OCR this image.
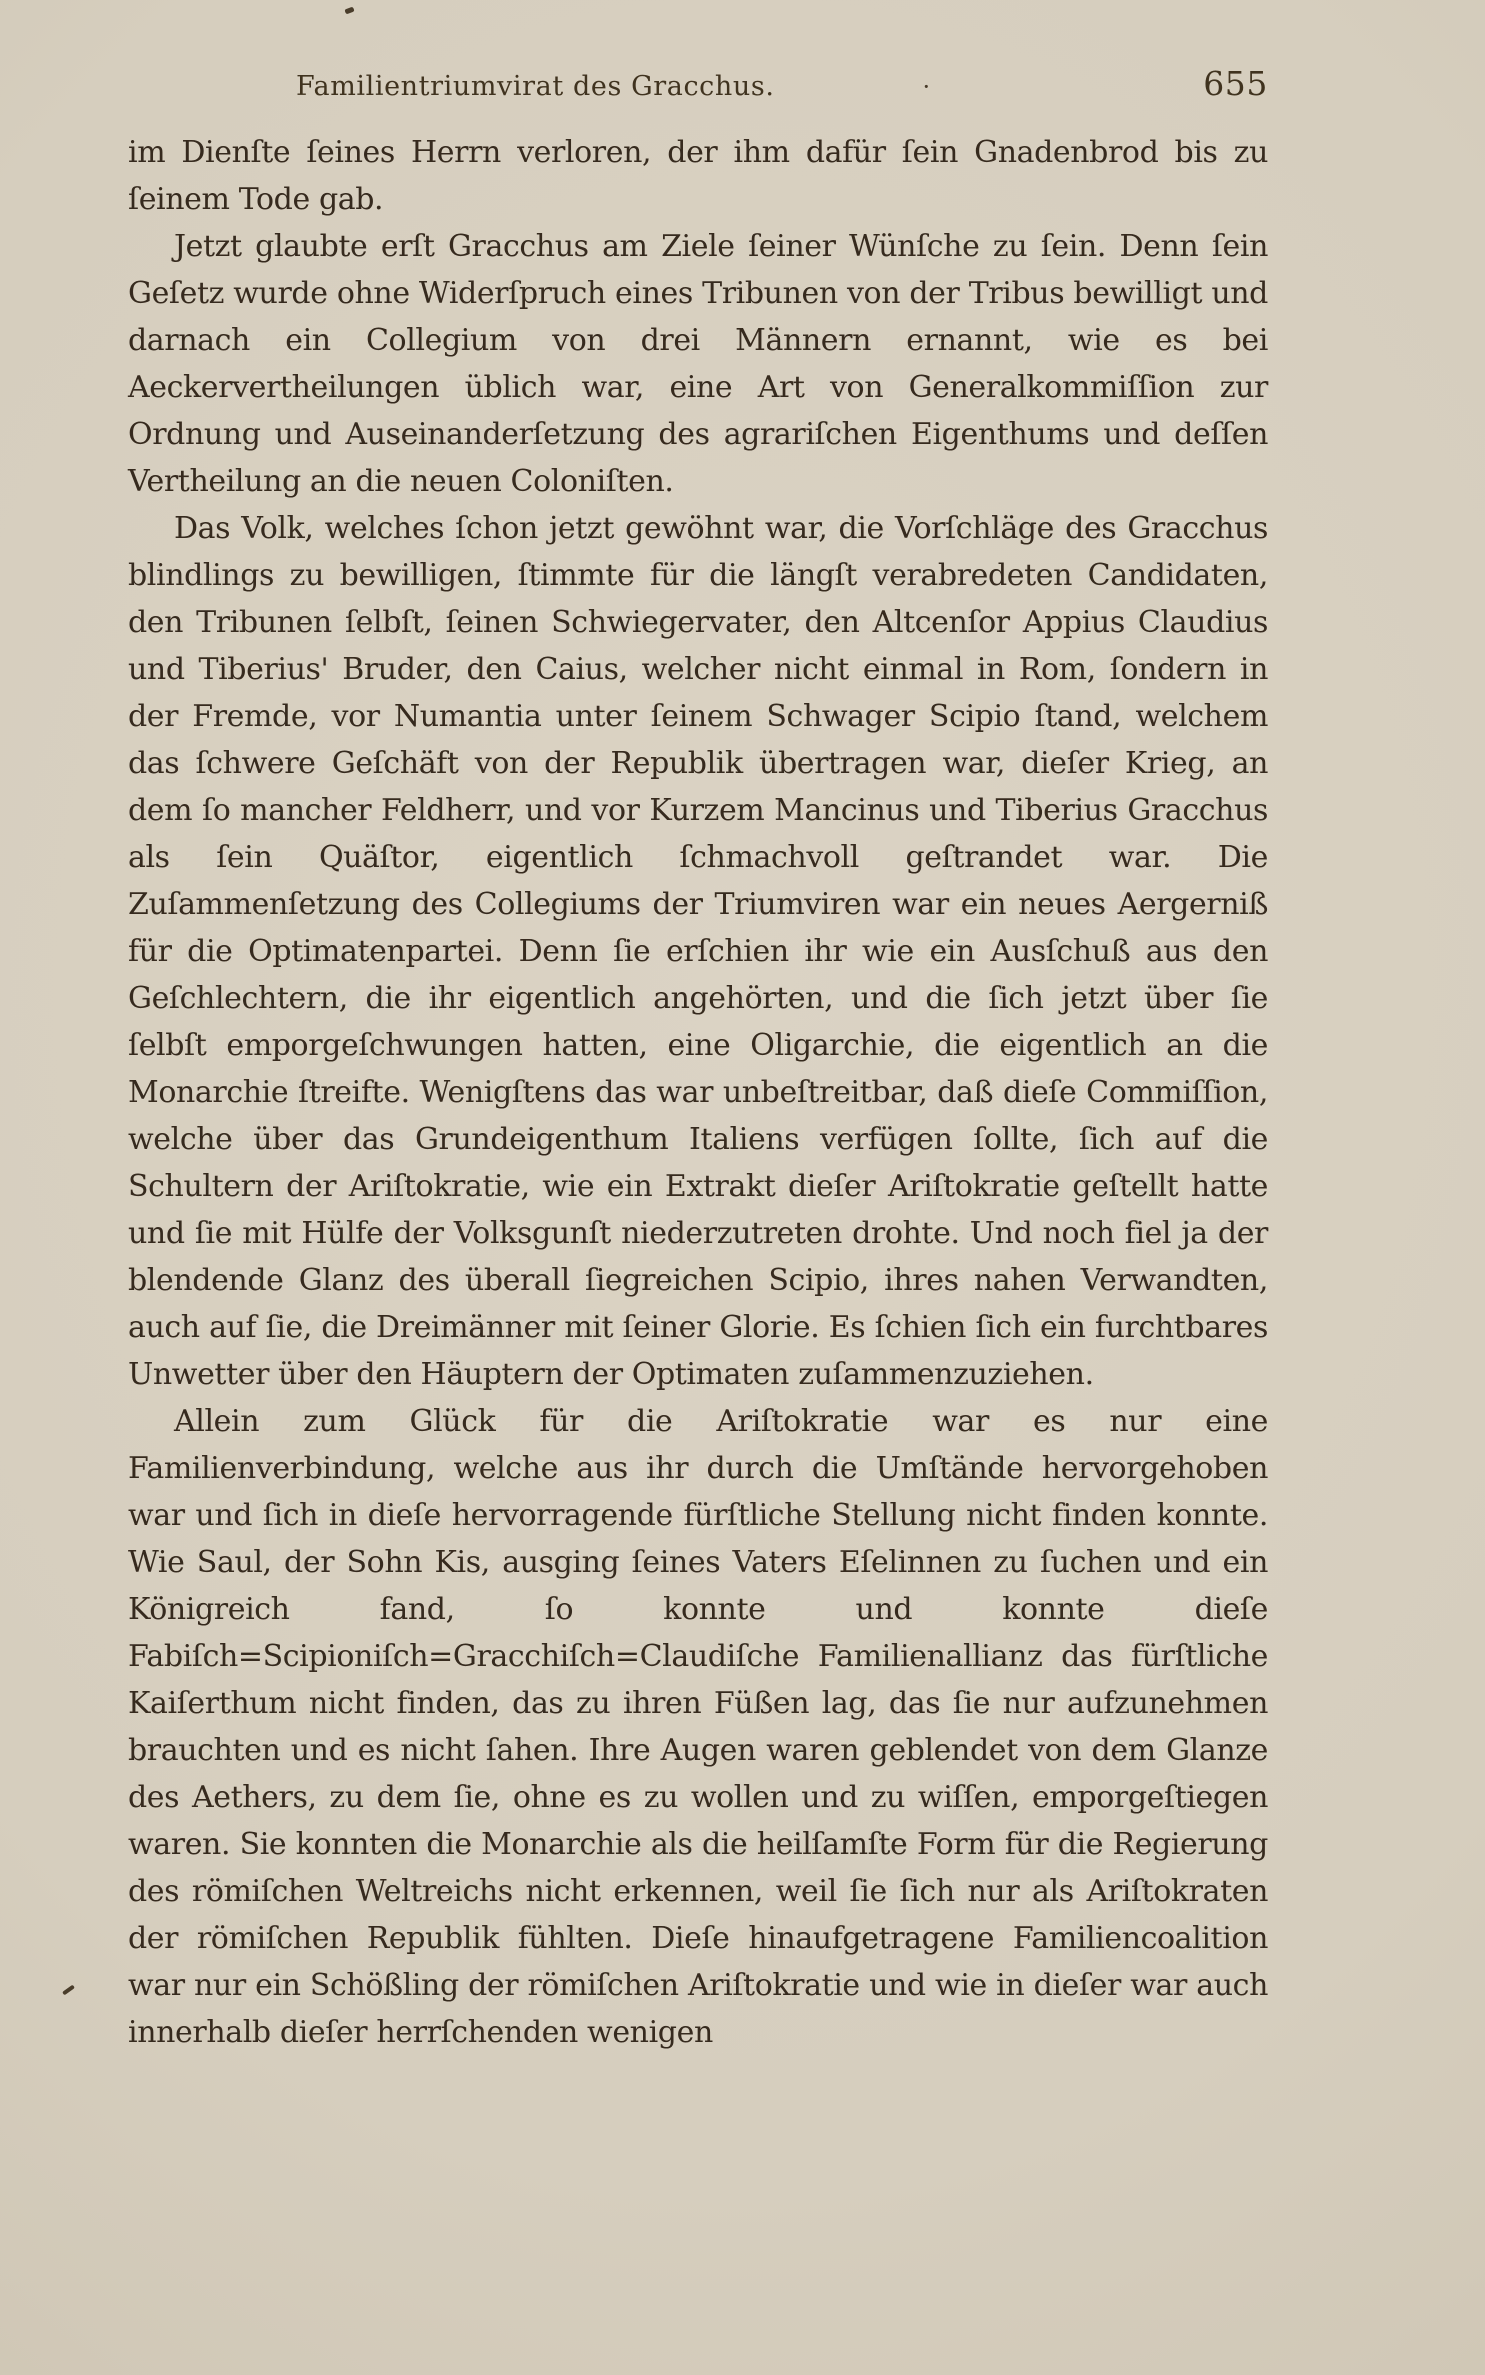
Familientriumvirat des Gracchus.	·	655

im Dienſte ſeines Herrn verloren, der ihm dafür ſein Gnadenbrod bis zu ſeinem Tode gab.

Jetzt glaubte erſt Gracchus am Ziele ſeiner Wünſche zu ſein. Denn ſein Geſetz wurde ohne Widerſpruch eines Tribunen von der Tribus bewilligt und darnach ein Collegium von drei Männern ernannt, wie es bei Aeckervertheilungen üblich war, eine Art von Generalkommiſſion zur Ordnung und Auseinanderſetzung des agrariſchen Eigenthums und deſſen Vertheilung an die neuen Coloniſten.

Das Volk, welches ſchon jetzt gewöhnt war, die Vorſchläge des Gracchus blindlings zu bewilligen, ſtimmte für die längſt verabredeten Candidaten, den Tribunen ſelbſt, ſeinen Schwiegervater, den Altcenſor Appius Claudius und Tiberius' Bruder, den Caius, welcher nicht einmal in Rom, ſondern in der Fremde, vor Numantia unter ſeinem Schwager Scipio ſtand, welchem das ſchwere Geſchäft von der Republik übertragen war, dieſer Krieg, an dem ſo mancher Feldherr, und vor Kurzem Mancinus und Tiberius Gracchus als ſein Quäſtor, eigentlich ſchmachvoll geſtrandet war. Die Zuſammenſetzung des Collegiums der Triumviren war ein neues Aergerniß für die Optimatenpartei. Denn ſie erſchien ihr wie ein Ausſchuß aus den Geſchlechtern, die ihr eigentlich angehörten, und die ſich jetzt über ſie ſelbſt emporgeſchwungen hatten, eine Oligarchie, die eigentlich an die Monarchie ſtreifte. Wenigſtens das war unbeſtreitbar, daß dieſe Commiſſion, welche über das Grundeigenthum Italiens verfügen ſollte, ſich auf die Schultern der Ariſtokratie, wie ein Extrakt dieſer Ariſtokratie geſtellt hatte und ſie mit Hülfe der Volksgunſt niederzutreten drohte. Und noch fiel ja der blendende Glanz des überall ſiegreichen Scipio, ihres nahen Verwandten, auch auf ſie, die Dreimänner mit ſeiner Glorie. Es ſchien ſich ein furchtbares Unwetter über den Häuptern der Optimaten zuſammenzuziehen.

Allein zum Glück für die Ariſtokratie war es nur eine Familienverbindung, welche aus ihr durch die Umſtände hervorgehoben war und ſich in dieſe hervorragende fürſtliche Stellung nicht finden konnte. Wie Saul, der Sohn Kis, ausging ſeines Vaters Eſelinnen zu ſuchen und ein Königreich fand, ſo konnte und konnte dieſe Fabiſch=Scipioniſch=Gracchiſch=Claudiſche Familienallianz das fürſtliche Kaiſerthum nicht finden, das zu ihren Füßen lag, das ſie nur aufzunehmen brauchten und es nicht ſahen. Ihre Augen waren geblendet von dem Glanze des Aethers, zu dem ſie, ohne es zu wollen und zu wiſſen, emporgeſtiegen waren. Sie konnten die Monarchie als die heilſamſte Form für die Regierung des römiſchen Weltreichs nicht erkennen, weil ſie ſich nur als Ariſtokraten der römiſchen Republik fühlten. Dieſe hinaufgetragene Familiencoalition war nur ein Schößling der römiſchen Ariſtokratie und wie in dieſer war auch innerhalb dieſer herrſchenden wenigen
